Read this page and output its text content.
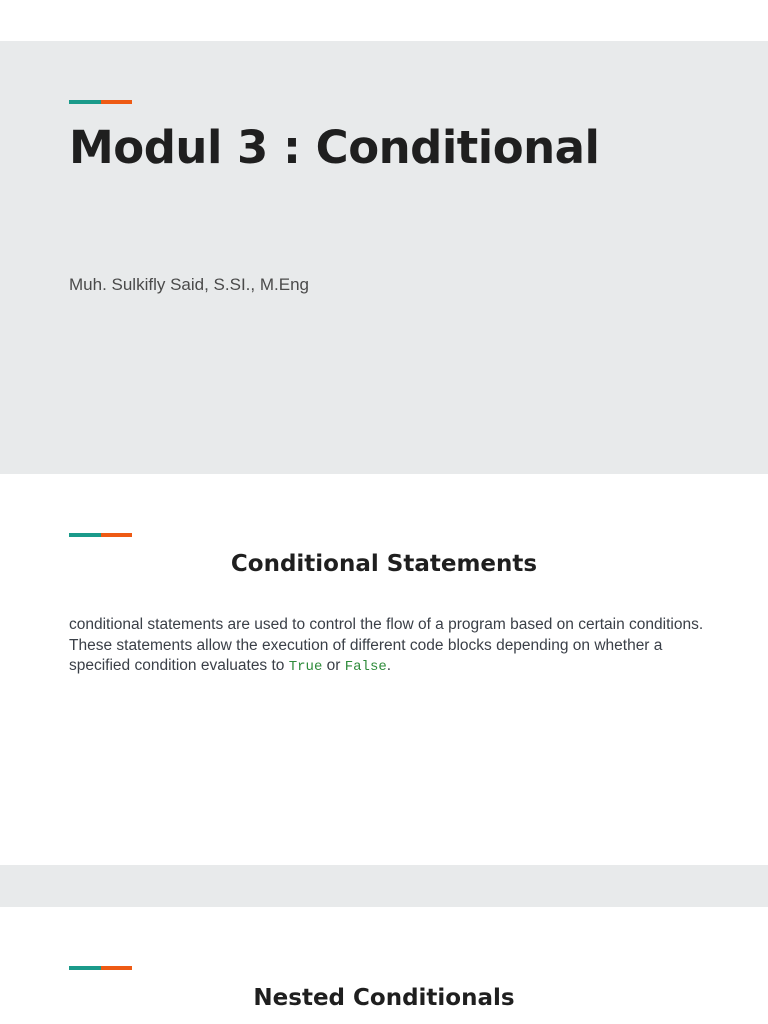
Modul 3 : Conditional
Muh. Sulkifly Said, S.SI., M.Eng
Conditional Statements

conditional statements are used to control the flow of a program based on certain conditions. These statements allow the execution of different code blocks depending on whether a specified condition evaluates to True or False.

Nested Conditionals
